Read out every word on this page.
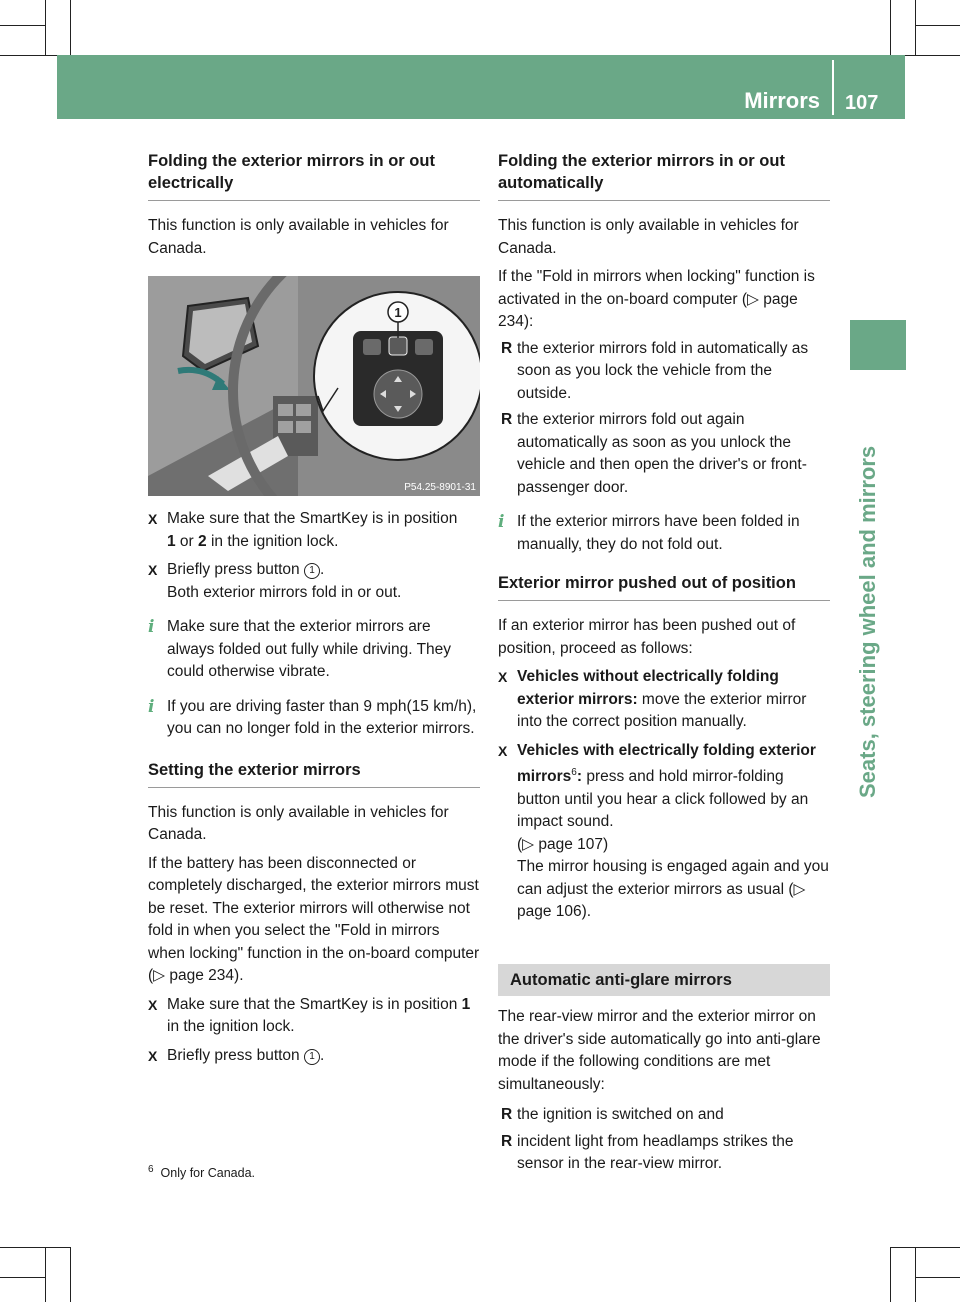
Mirrors 107
Seats, steering wheel and mirrors
Folding the exterior mirrors in or out electrically

This function is only available in vehicles for Canada.

1
P54.25-8901-31
X Make sure that the SmartKey is in position
1 or 2 in the ignition lock.
X Briefly press button 1 .
Both exterior mirrors fold in or out.
i Make sure that the exterior mirrors are always folded out fully while driving. They could otherwise vibrate.
i If you are driving faster than 9 mph(15 km/h), you can no longer fold in the exterior mirrors.
Setting the exterior mirrors

This function is only available in vehicles for Canada.

If the battery has been disconnected or completely discharged, the exterior mirrors must be reset. The exterior mirrors will otherwise not fold in when you select the "Fold in mirrors when locking" function in the on-board computer (▷ page 234).

X Make sure that the SmartKey is in position 1 in the ignition lock.
X Briefly press button 1 .
Folding the exterior mirrors in or out automatically

This function is only available in vehicles for Canada.

If the "Fold in mirrors when locking" function is activated in the on-board computer (▷ page 234):

R the exterior mirrors fold in automatically as soon as you lock the vehicle from the outside.
R the exterior mirrors fold out again automatically as soon as you unlock the vehicle and then open the driver's or front-passenger door.
i If the exterior mirrors have been folded in manually, they do not fold out.
Exterior mirror pushed out of position

If an exterior mirror has been pushed out of position, proceed as follows:

X Vehicles without electrically folding exterior mirrors: move the exterior mirror into the correct position manually.
X Vehicles with electrically folding exterior mirrors$^6$: press and hold mirror-folding button until you hear a click followed by an impact sound.
(▷ page 107)
The mirror housing is engaged again and you can adjust the exterior mirrors as usual (▷ page 106).
Automatic anti-glare mirrors

The rear-view mirror and the exterior mirror on the driver's side automatically go into anti-glare mode if the following conditions are met simultaneously:

R the ignition is switched on and
R incident light from headlamps strikes the sensor in the rear-view mirror.
$^6$ Only for Canada.
